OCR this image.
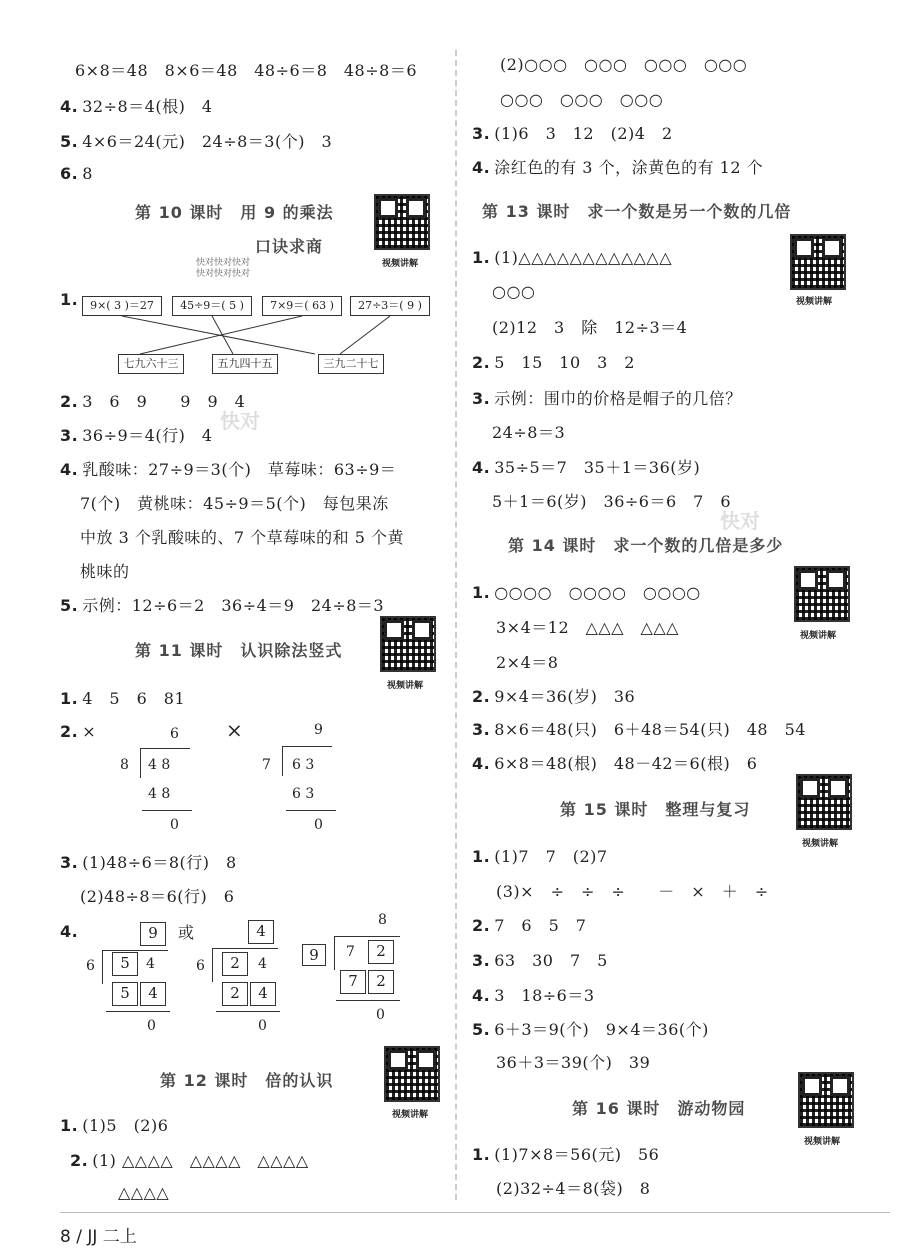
6×8＝48　8×6＝48　48÷6＝8　48÷8＝6
4. 32÷8＝4(根)　4
5. 4×6＝24(元)　24÷8＝3(个)　3
6. 8
第 10 课时　用 9 的乘法
口诀求商
快对快对快对
快对快对快对
视频讲解
1.	9×( 3 )＝27	45÷9＝( 5 )	7×9＝( 63 )	27÷3＝( 9 )
七九六十三	五九四十五	三九二十七
2. 3　6　9　　9　9　4
3. 36÷9＝4(行)　4
4. 乳酸味：27÷9＝3(个)　草莓味：63÷9＝
7(个)　黄桃味：45÷9＝5(个)　每包果冻
中放 3 个乳酸味的、7 个草莓味的和 5 个黄
桃味的
5. 示例：12÷6＝2　36÷4＝9　24÷8＝3
第 11 课时　认识除法竖式
视频讲解
1. 4　5　6　81
2. ×	×
6
8 4 8
4 8
0
9
7 6 3
6 3
0
3. (1)48÷6＝8(行)　8
(2)48÷8＝6(行)　6
4.	或
9
6	5	4
5	4
0
4
6	2	4
2	4
0
8
9	7	2
7	2
0
第 12 课时　倍的认识
视频讲解
1. (1)5　(2)6
2. (1) △△△△　△△△△　△△△△
△△△△
(2)○○○　○○○　○○○　○○○
○○○　○○○　○○○
3. (1)6　3　12　(2)4　2
4. 涂红色的有 3 个，涂黄色的有 12 个
第 13 课时　求一个数是另一个数的几倍
1. (1)△△△△△△△△△△△△
视频讲解
○○○
(2)12　3　除　12÷3＝4
2. 5　15　10　3　2
3. 示例：围巾的价格是帽子的几倍？
24÷8＝3
4. 35÷5＝7　35＋1＝36(岁)
5＋1＝6(岁)　36÷6＝6　7　6
第 14 课时　求一个数的几倍是多少
1. ○○○○　○○○○　○○○○
视频讲解
3×4＝12　△△△　△△△
2×4＝8
2. 9×4＝36(岁)　36
3. 8×6＝48(只)　6＋48＝54(只)　48　54
4. 6×8＝48(根)　48－42＝6(根)　6
第 15 课时　整理与复习
视频讲解
1. (1)7　7　(2)7
(3)×　÷　÷　÷　　－　×　＋　÷
2. 7　6　5　7
3. 63　30　7　5
4. 3　18÷6＝3
5. 6＋3＝9(个)　9×4＝36(个)
36＋3＝39(个)　39
第 16 课时　游动物园
视频讲解
1. (1)7×8＝56(元)　56
(2)32÷4＝8(袋)　8
快对
快对
8 / JJ 二上
